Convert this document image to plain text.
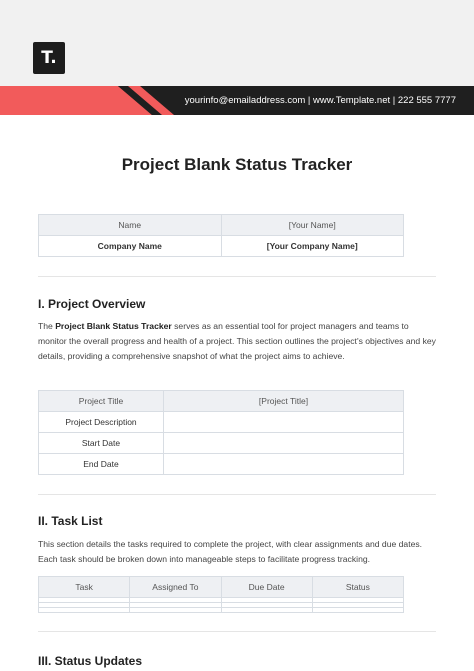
T.
yourinfo@emailaddress.com | www.Template.net | 222 555 7777
Project Blank Status Tracker
Name	[Your Name]
Company Name	[Your Company Name]
I. Project Overview
The Project Blank Status Tracker serves as an essential tool for project managers and teams to monitor the overall progress and health of a project. This section outlines the project's objectives and key details, providing a comprehensive snapshot of what the project aims to achieve.
Project Title	[Project Title]
Project Description	
Start Date	
End Date	
II. Task List
This section details the tasks required to complete the project, with clear assignments and due dates. Each task should be broken down into manageable steps to facilitate progress tracking.
Task	Assigned To	Due Date	Status

III. Status Updates
